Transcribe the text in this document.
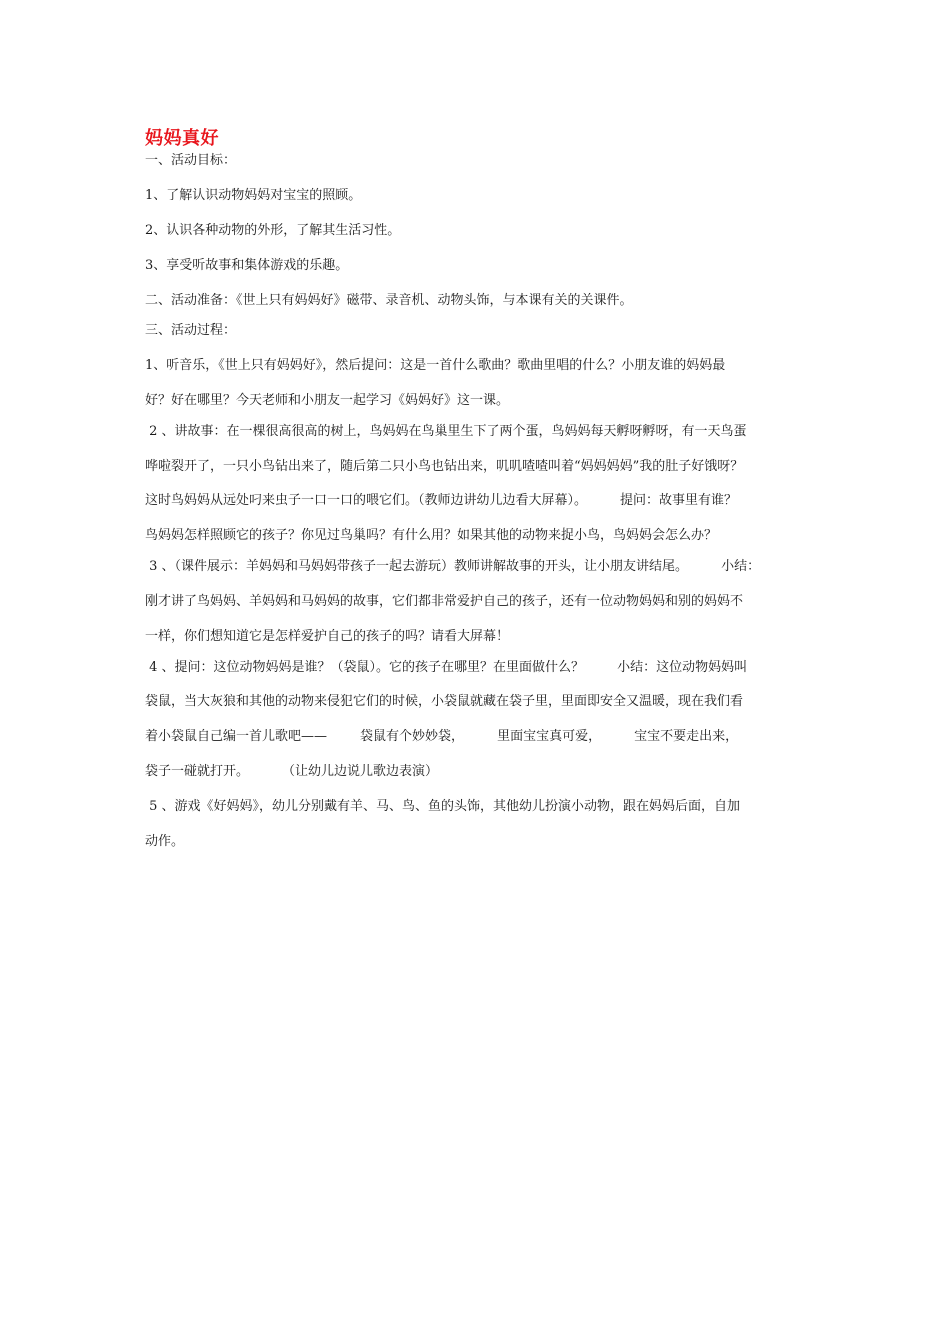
妈妈真好
一、活动目标：
1、了解认识动物妈妈对宝宝的照顾。
2、认识各种动物的外形，了解其生活习性。
3、享受听故事和集体游戏的乐趣。
二、活动准备：《世上只有妈妈好》磁带、录音机、动物头饰，与本课有关的关课件。
三、活动过程：
1、听音乐，《世上只有妈妈好》，然后提问：这是一首什么歌曲？歌曲里唱的什么？小朋友谁的妈妈最
好？好在哪里？今天老师和小朋友一起学习《妈妈好》这一课。
2 、讲故事：在一棵很高很高的树上，鸟妈妈在鸟巢里生下了两个蛋，鸟妈妈每天孵呀孵呀，有一天鸟蛋
哗啦裂开了，一只小鸟钻出来了，随后第二只小鸟也钻出来，叽叽喳喳叫着“妈妈妈妈”我的肚子好饿呀？
这时鸟妈妈从远处叼来虫子一口一口的喂它们。（教师边讲幼儿边看大屏幕）。        提问：故事里有谁？
鸟妈妈怎样照顾它的孩子？你见过鸟巢吗？有什么用？如果其他的动物来捉小鸟，鸟妈妈会怎么办？
3 、（课件展示：羊妈妈和马妈妈带孩子一起去游玩）教师讲解故事的开头，让小朋友讲结尾。        小结：
刚才讲了鸟妈妈、羊妈妈和马妈妈的故事，它们都非常爱护自己的孩子，还有一位动物妈妈和别的妈妈不
一样，你们想知道它是怎样爱护自己的孩子的吗？请看大屏幕！
4 、提问：这位动物妈妈是谁？（袋鼠）。它的孩子在哪里？在里面做什么？        小结：这位动物妈妈叫
袋鼠，当大灰狼和其他的动物来侵犯它们的时候，小袋鼠就藏在袋子里，里面即安全又温暖，现在我们看
着小袋鼠自己编一首儿歌吧——        袋鼠有个妙妙袋，        里面宝宝真可爱，        宝宝不要走出来，
袋子一碰就打开。        （让幼儿边说儿歌边表演）
5 、游戏《好妈妈》，幼儿分别戴有羊、马、鸟、鱼的头饰，其他幼儿扮演小动物，跟在妈妈后面，自加
动作。
